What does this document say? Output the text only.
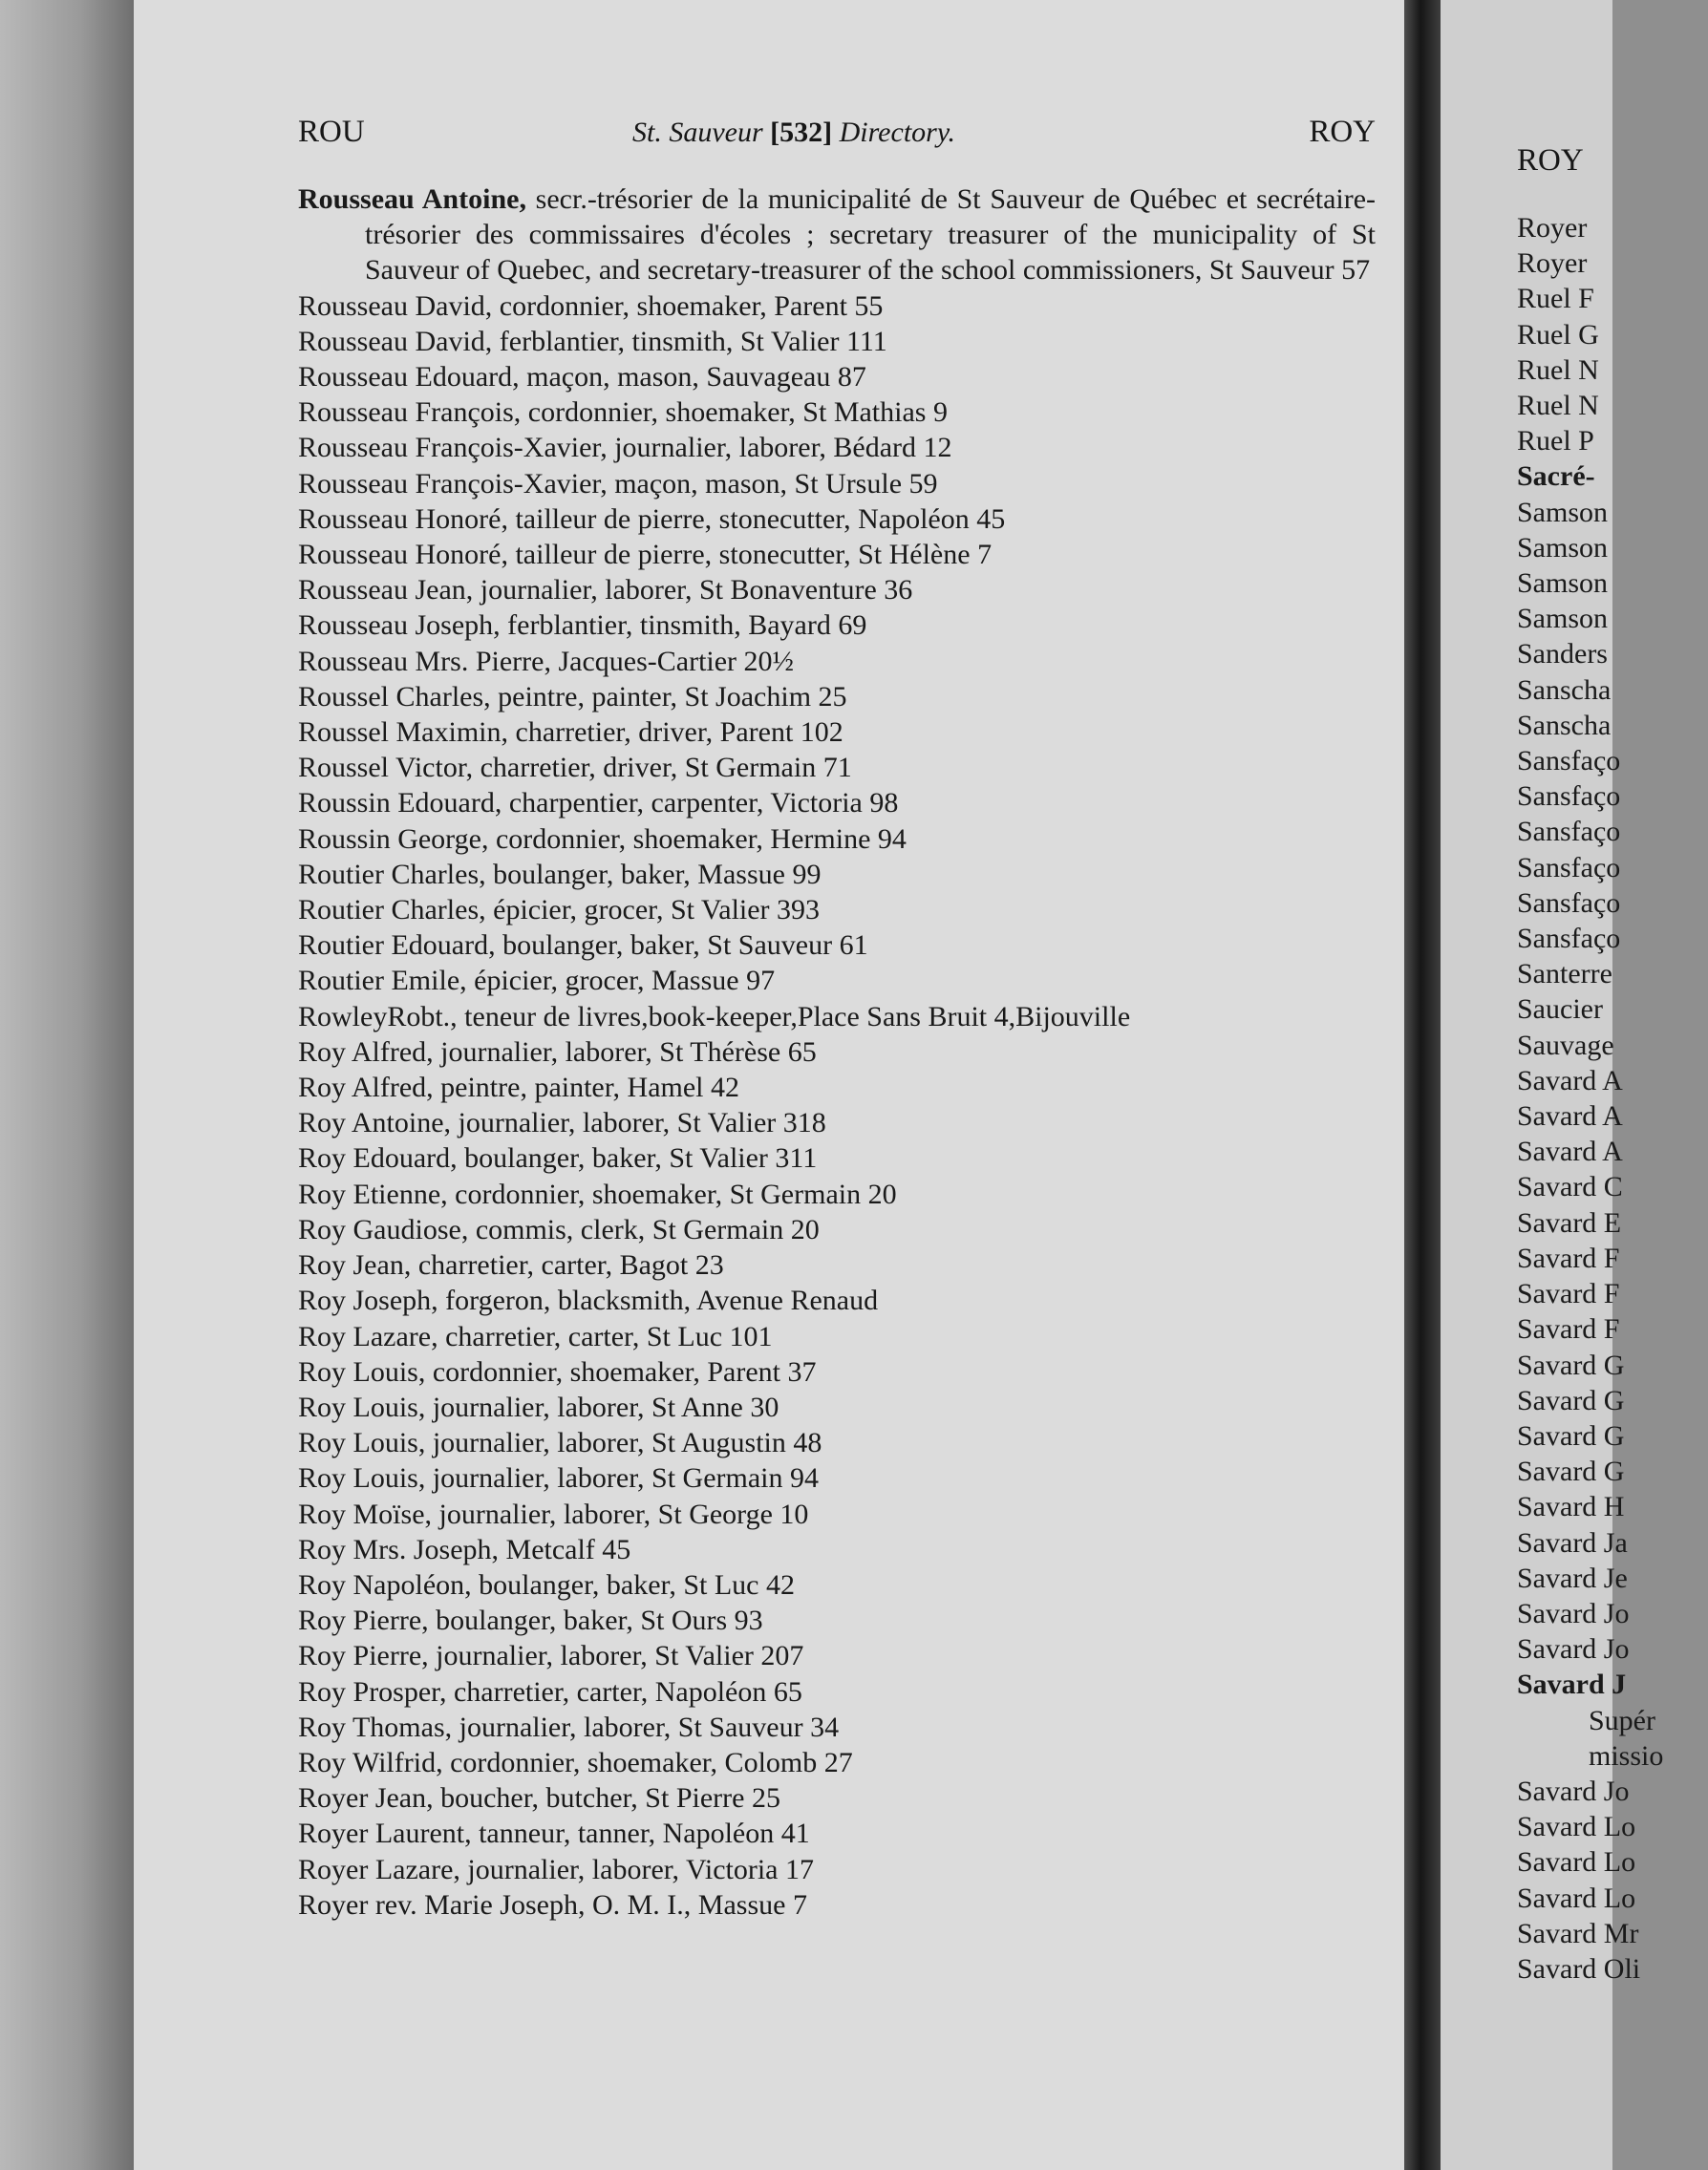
ROY
Royer
Royer
Ruel F
Ruel G
Ruel N
Ruel N
Ruel P
Sacré-
Samson
Samson
Samson
Samson
Sanders
Sanscha
Sanscha
Sansfaço
Sansfaço
Sansfaço
Sansfaço
Sansfaço
Sansfaço
Santerre
Saucier
Sauvage
Savard A
Savard A
Savard A
Savard C
Savard E
Savard F
Savard F
Savard F
Savard G
Savard G
Savard G
Savard G
Savard H
Savard Ja
Savard Je
Savard Jo
Savard Jo
Savard J
Supér
missio
Savard Jo
Savard Lo
Savard Lo
Savard Lo
Savard Mr
Savard Oli
ROU	St. Sauveur [532] Directory.	ROY
Rousseau Antoine, secr.-trésorier de la municipalité de St Sauveur de Québec et secrétaire-trésorier des commissaires d'écoles ; secretary treasurer of the municipality of St Sauveur of Quebec, and secretary-treasurer of the school commissioners, St Sauveur 57
Rousseau David, cordonnier, shoemaker, Parent 55
Rousseau David, ferblantier, tinsmith, St Valier 111
Rousseau Edouard, maçon, mason, Sauvageau 87
Rousseau François, cordonnier, shoemaker, St Mathias 9
Rousseau François-Xavier, journalier, laborer, Bédard 12
Rousseau François-Xavier, maçon, mason, St Ursule 59
Rousseau Honoré, tailleur de pierre, stonecutter, Napoléon 45
Rousseau Honoré, tailleur de pierre, stonecutter, St Hélène 7
Rousseau Jean, journalier, laborer, St Bonaventure 36
Rousseau Joseph, ferblantier, tinsmith, Bayard 69
Rousseau Mrs. Pierre, Jacques-Cartier 20½
Roussel Charles, peintre, painter, St Joachim 25
Roussel Maximin, charretier, driver, Parent 102
Roussel Victor, charretier, driver, St Germain 71
Roussin Edouard, charpentier, carpenter, Victoria 98
Roussin George, cordonnier, shoemaker, Hermine 94
Routier Charles, boulanger, baker, Massue 99
Routier Charles, épicier, grocer, St Valier 393
Routier Edouard, boulanger, baker, St Sauveur 61
Routier Emile, épicier, grocer, Massue 97
RowleyRobt., teneur de livres,book-keeper,Place Sans Bruit 4,Bijouville
Roy Alfred, journalier, laborer, St Thérèse 65
Roy Alfred, peintre, painter, Hamel 42
Roy Antoine, journalier, laborer, St Valier 318
Roy Edouard, boulanger, baker, St Valier 311
Roy Etienne, cordonnier, shoemaker, St Germain 20
Roy Gaudiose, commis, clerk, St Germain 20
Roy Jean, charretier, carter, Bagot 23
Roy Joseph, forgeron, blacksmith, Avenue Renaud
Roy Lazare, charretier, carter, St Luc 101
Roy Louis, cordonnier, shoemaker, Parent 37
Roy Louis, journalier, laborer, St Anne 30
Roy Louis, journalier, laborer, St Augustin 48
Roy Louis, journalier, laborer, St Germain 94
Roy Moïse, journalier, laborer, St George 10
Roy Mrs. Joseph, Metcalf 45
Roy Napoléon, boulanger, baker, St Luc 42
Roy Pierre, boulanger, baker, St Ours 93
Roy Pierre, journalier, laborer, St Valier 207
Roy Prosper, charretier, carter, Napoléon 65
Roy Thomas, journalier, laborer, St Sauveur 34
Roy Wilfrid, cordonnier, shoemaker, Colomb 27
Royer Jean, boucher, butcher, St Pierre 25
Royer Laurent, tanneur, tanner, Napoléon 41
Royer Lazare, journalier, laborer, Victoria 17
Royer rev. Marie Joseph, O. M. I., Massue 7
